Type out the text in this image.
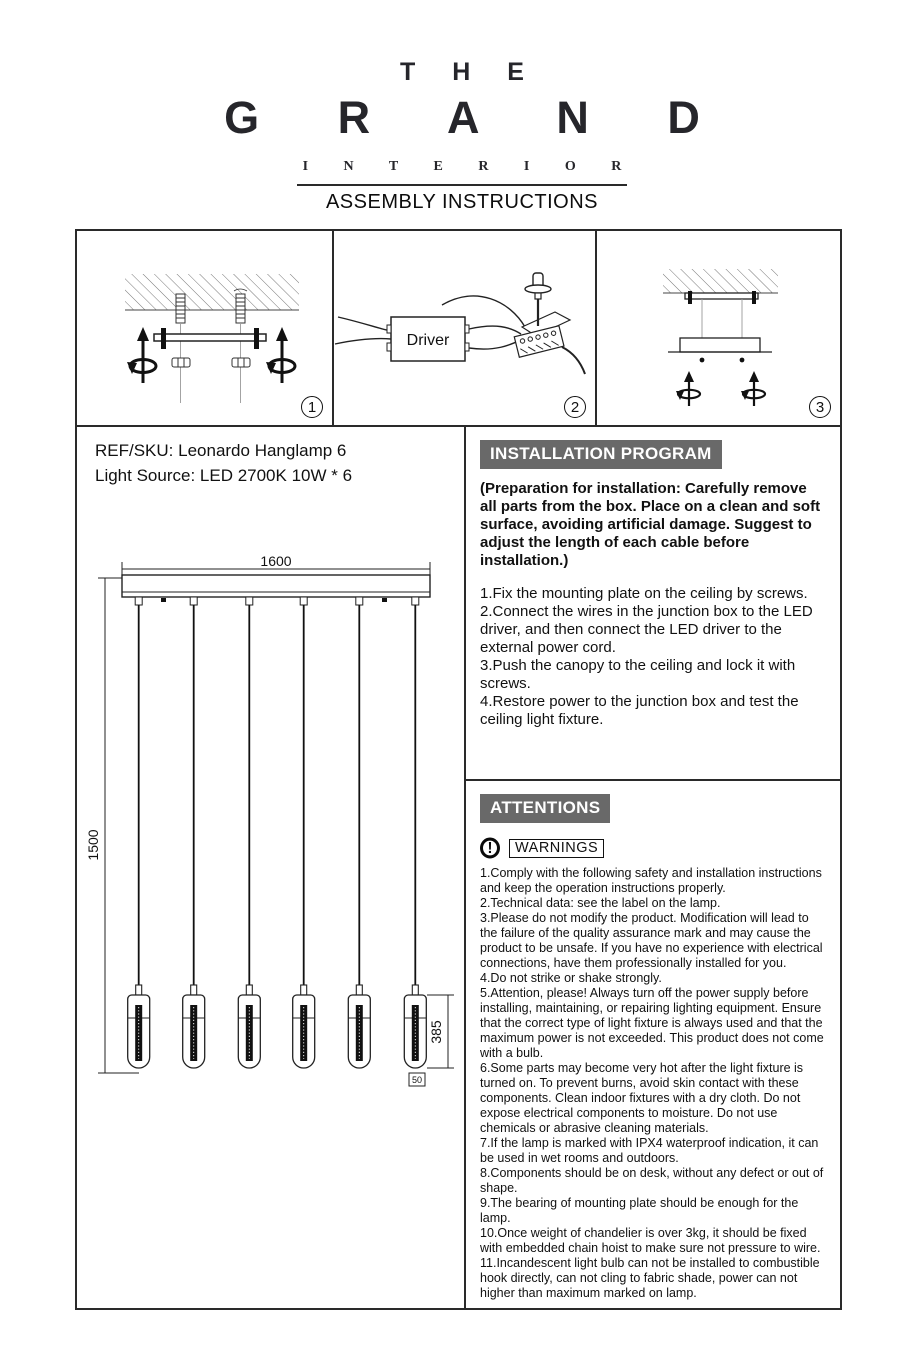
T H E
G R A N D
I N T E R I O R
ASSEMBLY INSTRUCTIONS
1
Driver
2	3
REF/SKU: Leonardo Hanglamp 6
Light Source: LED 2700K 10W * 6
1600
1500
385
50
INSTALLATION PROGRAM

(Preparation for installation: Carefully remove all parts from the box. Place on a clean and soft surface, avoiding artificial damage. Suggest to adjust the length of each cable before installation.)

1.Fix the mounting plate on the ceiling by screws.

2.Connect the wires in the junction box to the LED driver, and then connect the LED driver to the external power cord.

3.Push the canopy to the ceiling and lock it with screws.

4.Restore power to the junction box and test the ceiling light fixture.

ATTENTIONS
!	WARNINGS

1.Comply with the following safety and installation instructions and keep the operation instructions properly.

2.Technical data: see the label on the lamp.

3.Please do not modify the product. Modification will lead to the failure of the quality assurance mark and may cause the product to be unsafe. If you have no experience with electrical connections, have them professionally installed for you.

4.Do not strike or shake strongly.

5.Attention, please! Always turn off the power supply before installing, maintaining, or repairing lighting equipment. Ensure that the correct type of light fixture is always used and that the maximum power is not exceeded. This product does not come with a bulb.

6.Some parts may become very hot after the light fixture is turned on. To prevent burns, avoid skin contact with these components. Clean indoor fixtures with a dry cloth. Do not expose electrical components to moisture. Do not use chemicals or abrasive cleaning materials.

7.If the lamp is marked with IPX4 waterproof indication, it can be used in wet rooms and outdoors.

8.Components should be on desk, without any defect or out of shape.

9.The bearing of mounting plate should be enough for the lamp.

10.Once weight of chandelier is over 3kg, it should be fixed with embedded chain hoist to make sure not pressure to wire.

11.Incandescent light bulb can not be installed to combustible hook directly, can not cling to fabric shade, power can not higher than maximum marked on lamp.
